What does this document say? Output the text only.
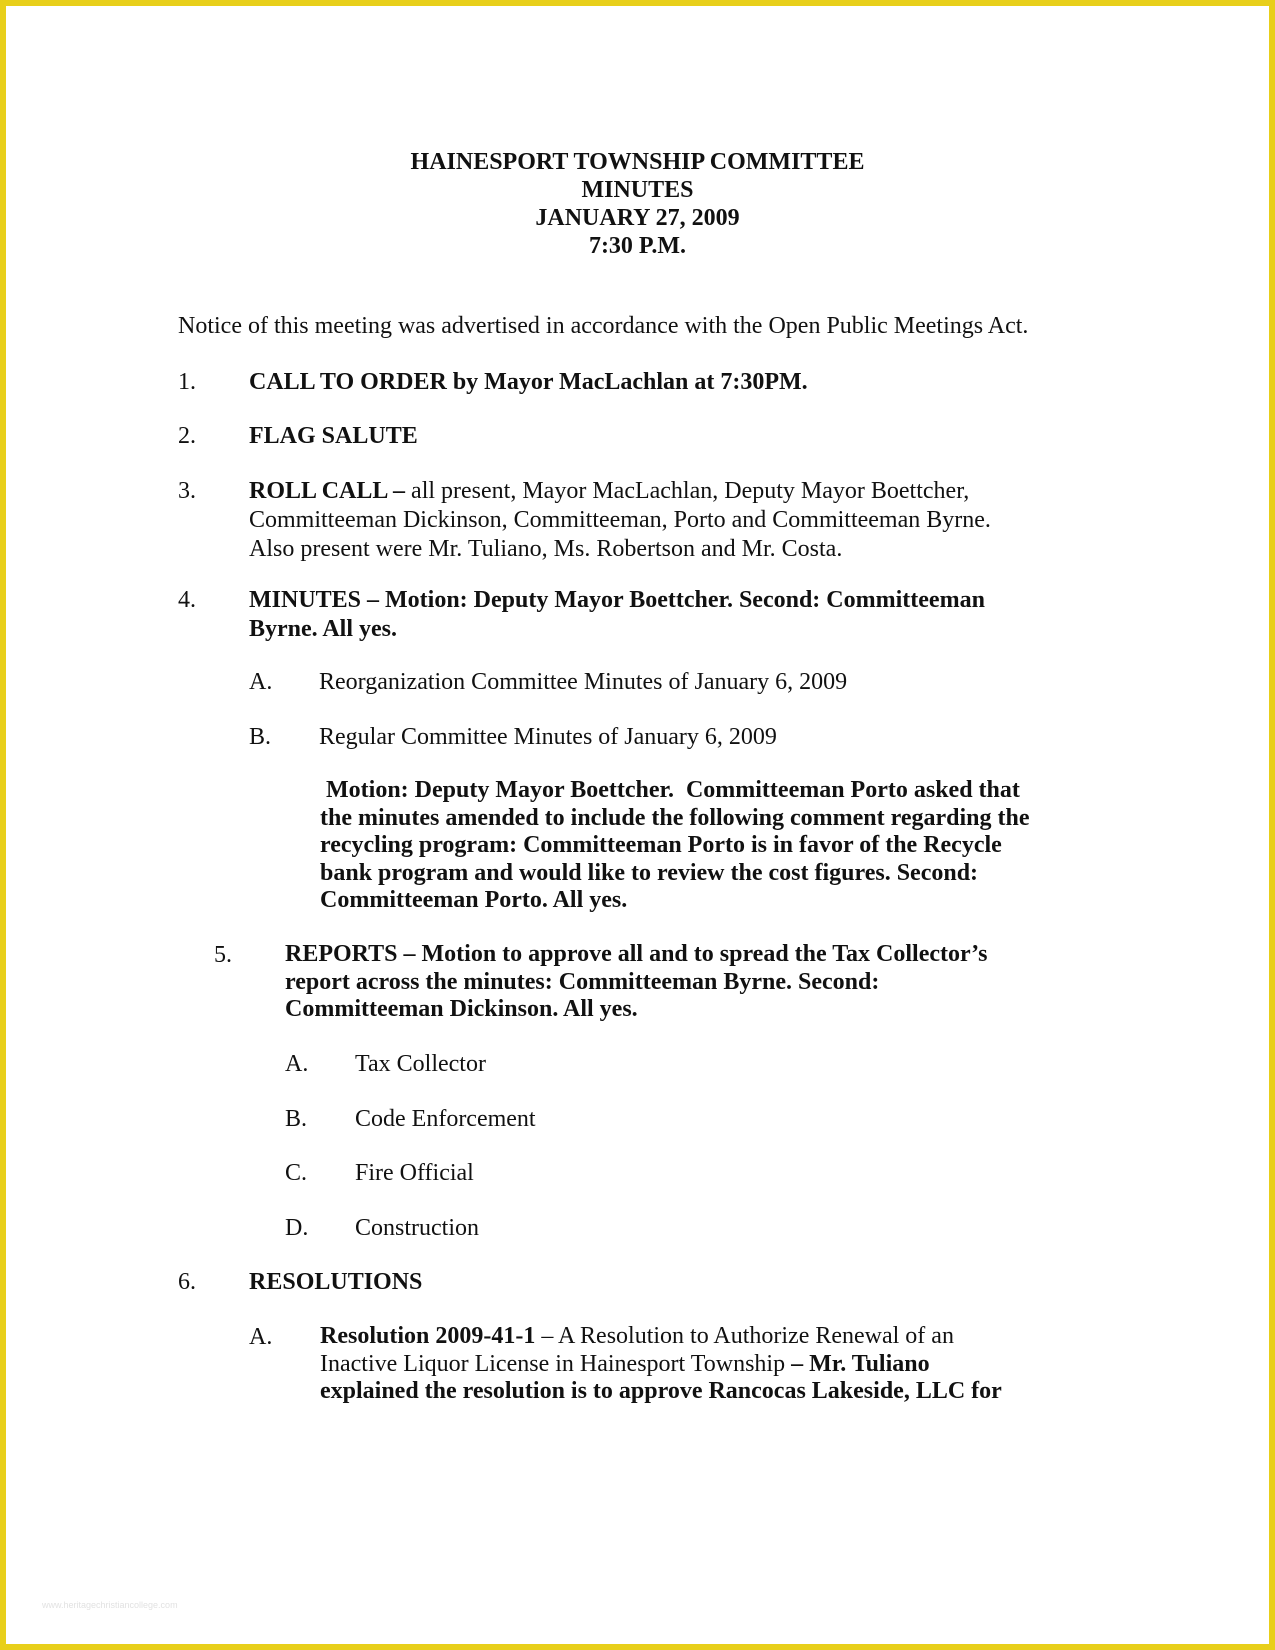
HAINESPORT TOWNSHIP COMMITTEE
MINUTES
JANUARY 27, 2009
7:30 P.M.
Notice of this meeting was advertised in accordance with the Open Public Meetings Act.
1. CALL TO ORDER by Mayor MacLachlan at 7:30PM.
2. FLAG SALUTE
3. ROLL CALL – all present, Mayor MacLachlan, Deputy Mayor Boettcher,
Committeeman Dickinson, Committeeman, Porto and Committeeman Byrne.
Also present were Mr. Tuliano, Ms. Robertson and Mr. Costa.
4. MINUTES – Motion: Deputy Mayor Boettcher. Second: Committeeman
Byrne. All yes.
A. Reorganization Committee Minutes of January 6, 2009
B. Regular Committee Minutes of January 6, 2009
Motion: Deputy Mayor Boettcher.  Committeeman Porto asked that
the minutes amended to include the following comment regarding the
recycling program: Committeeman Porto is in favor of the Recycle
bank program and would like to review the cost figures. Second:
Committeeman Porto. All yes.
5. REPORTS – Motion to approve all and to spread the Tax Collector’s
report across the minutes: Committeeman Byrne. Second:
Committeeman Dickinson. All yes.
A. Tax Collector
B. Code Enforcement
C. Fire Official
D. Construction
6. RESOLUTIONS
A. Resolution 2009-41-1 – A Resolution to Authorize Renewal of an
Inactive Liquor License in Hainesport Township – Mr. Tuliano
explained the resolution is to approve Rancocas Lakeside, LLC for
www.heritagechristiancollege.com
